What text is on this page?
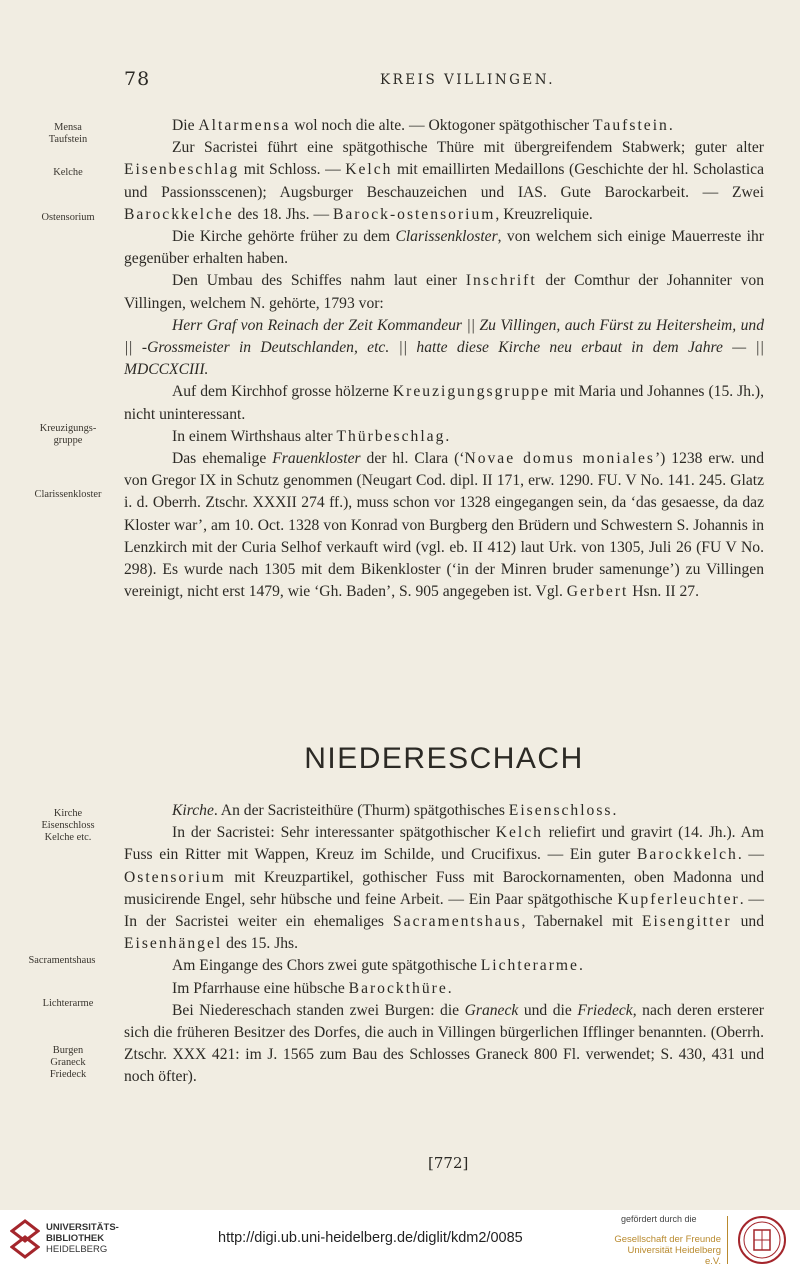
78	KREIS VILLINGEN.
Mensa
Taufstein
Kelche
Ostensorium
Kreuzigungs-
gruppe
Clarissenkloster

Die Altarmensa wol noch die alte. — Oktogoner spätgothischer Taufstein.

Zur Sacristei führt eine spätgothische Thüre mit übergreifendem Stabwerk; guter alter Eisenbeschlag mit Schloss. — Kelch mit emaillirten Medaillons (Geschichte der hl. Scholastica und Passionsscenen); Augsburger Beschauzeichen und IAS. Gute Barockarbeit. — Zwei Barockkelche des 18. Jhs. — Barock-ostensorium, Kreuzreliquie.

Die Kirche gehörte früher zu dem Clarissenkloster, von welchem sich einige Mauerreste ihr gegenüber erhalten haben.

Den Umbau des Schiffes nahm laut einer Inschrift der Comthur der Johanniter von Villingen, welchem N. gehörte, 1793 vor:

Herr Graf von Reinach der Zeit Kommandeur || Zu Villingen, auch Fürst zu Heitersheim, und || -Grossmeister in Deutschlanden, etc. || hatte diese Kirche neu erbaut in dem Jahre — || MDCCXCIII.

Auf dem Kirchhof grosse hölzerne Kreuzigungsgruppe mit Maria und Johannes (15. Jh.), nicht uninteressant.

In einem Wirthshaus alter Thürbeschlag.

Das ehemalige Frauenkloster der hl. Clara (‘Novae domus moniales’) 1238 erw. und von Gregor IX in Schutz genommen (Neugart Cod. dipl. II 171, erw. 1290. FU. V No. 141. 245. Glatz i. d. Oberrh. Ztschr. XXXII 274 ff.), muss schon vor 1328 eingegangen sein, da ‘das gesaesse, da daz Kloster war’, am 10. Oct. 1328 von Konrad von Burgberg den Brüdern und Schwestern S. Johannis in Lenzkirch mit der Curia Selhof verkauft wird (vgl. eb. II 412) laut Urk. von 1305, Juli 26 (FU V No. 298). Es wurde nach 1305 mit dem Bikenkloster (‘in der Minren bruder samenunge’) zu Villingen vereinigt, nicht erst 1479, wie ‘Gh. Baden’, S. 905 angegeben ist. Vgl. Gerbert Hsn. II 27.

NIEDERESCHACH
Kirche
Eisenschloss
Kelche etc.
Sacramentshaus
Lichterarme
Burgen
Graneck
Friedeck

Kirche. An der Sacristeithüre (Thurm) spätgothisches Eisenschloss.

In der Sacristei: Sehr interessanter spätgothischer Kelch reliefirt und gravirt (14. Jh.). Am Fuss ein Ritter mit Wappen, Kreuz im Schilde, und Crucifixus. — Ein guter Barockkelch. — Ostensorium mit Kreuzpartikel, gothischer Fuss mit Barockornamenten, oben Madonna und musicirende Engel, sehr hübsche und feine Arbeit. — Ein Paar spätgothische Kupferleuchter. — In der Sacristei weiter ein ehemaliges Sacramentshaus, Tabernakel mit Eisengitter und Eisenhängel des 15. Jhs.

Am Eingange des Chors zwei gute spätgothische Lichterarme.

Im Pfarrhause eine hübsche Barockthüre.

Bei Niedereschach standen zwei Burgen: die Graneck und die Friedeck, nach deren ersterer sich die früheren Besitzer des Dorfes, die auch in Villingen bürgerlichen Ifflinger benannten. (Oberrh. Ztschr. XXX 421: im J. 1565 zum Bau des Schlosses Graneck 800 Fl. verwendet; S. 430, 431 und noch öfter).

[772]
UNIVERSITÄTS-
BIBLIOTHEK
HEIDELBERG
http://digi.ub.uni-heidelberg.de/diglit/kdm2/0085
gefördert durch die
Gesellschaft der Freunde
Universität Heidelberg e.V.
